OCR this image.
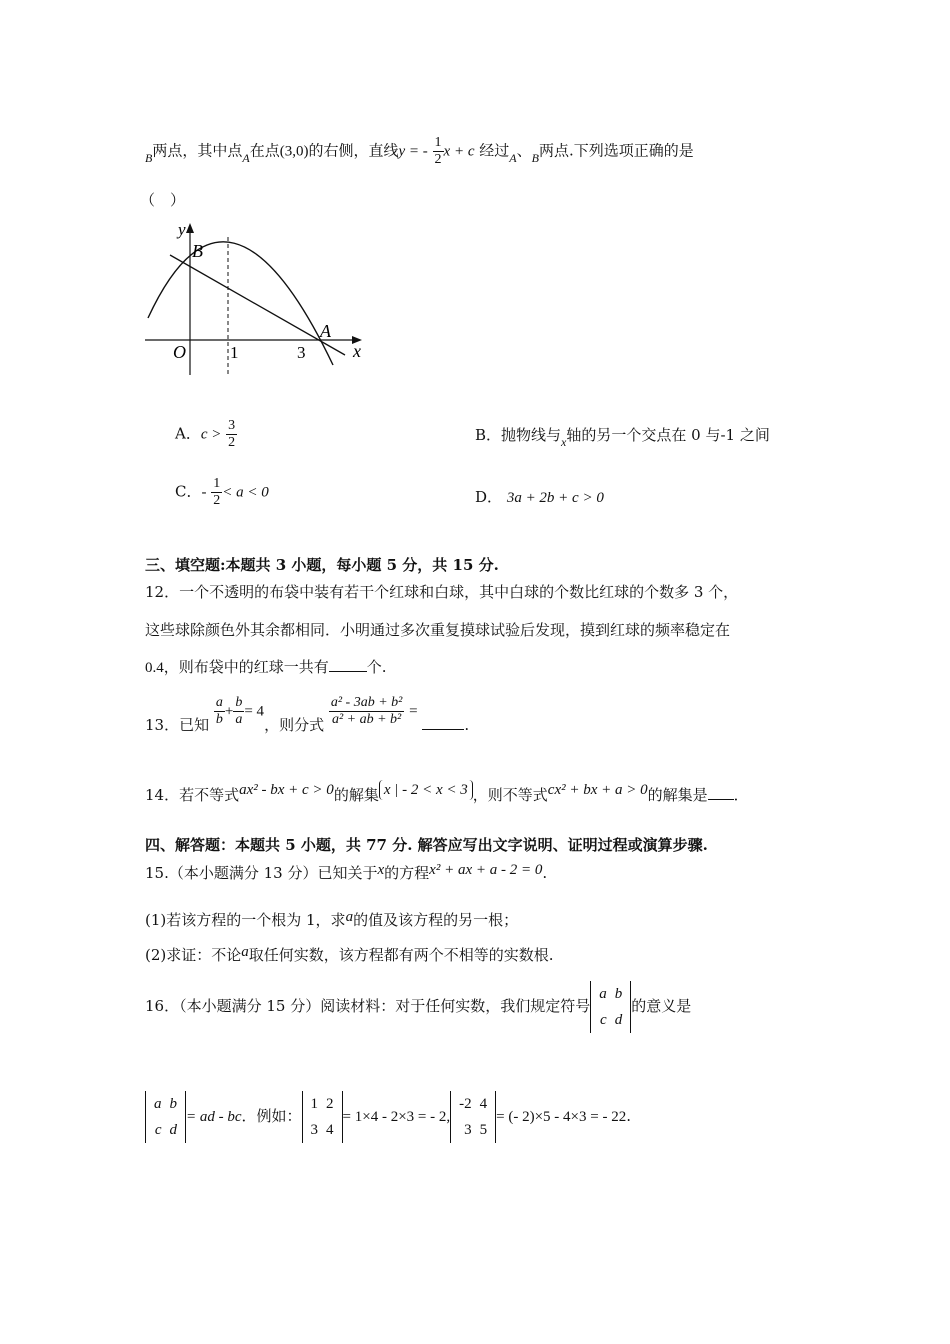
$_B$两点，其中点$_A$在点(3,0)的右侧，直线y = - $\frac{1}{2}$ x + c 经过$_A$、$_B$两点.下列选项正确的是
（　）
y
B
O	1	3
A
x
A．$c > \frac{3}{2}$	B．抛物线与$_x$轴的另一个交点在 0 与-1 之间
C．- $\frac{1}{2} < a < 0$	D． 3a + 2b + c > 0
三、填空题:本题共 3 小题，每小题 5 分，共 15 分.
12．一个不透明的布袋中装有若干个红球和白球，其中白球的个数比红球的个数多 3 个，
这些球除颜色外其余都相同．小明通过多次重复摸球试验后发现，摸到红球的频率稳定在
0.4，则布袋中的红球一共有	个.
13．已知 $\frac{a}{b} + \frac{b}{a} = 4$，则分式 $\frac{\text{a² - 3ab + b²}}{\text{a² + ab + b²}}$ = .
14．若不等式ax² - bx + c > 0的解集 x | - 2 < x < 3 ，则不等式cx² + bx + a > 0的解集是 ．
四、解答题：本题共 5 小题，共 77 分. 解答应写出文字说明、证明过程或演算步骤.
15.（本小题满分 13 分）已知关于x的方程x² + ax + a - 2 = 0.
(1)若该方程的一个根为 1，求a的值及该方程的另一根；
(2)求证：不论a取任何实数，该方程都有两个不相等的实数根.
16．（本小题满分 15 分）阅读材料：对于任何实数，我们规定符号
a	b
c	d
的意义是
a	b
c	d
= ad - bc．例如：
1	2
3	4
= 1×4 - 2×3 = - 2,
-2	4
3	5
= (- 2)×5 - 4×3 = - 22.
